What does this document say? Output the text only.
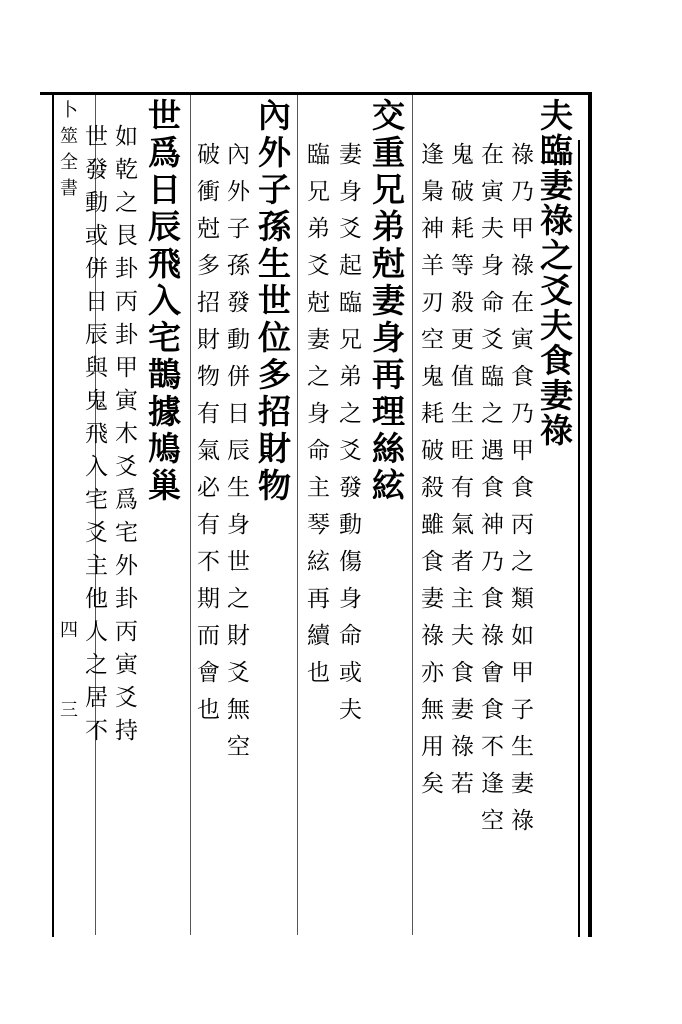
夫臨妻祿之爻夫食妻祿
祿乃甲祿在寅食乃甲食丙之類如甲子生妻祿
在寅夫身命爻臨之遇食神乃食祿㑹食不逢空
鬼破耗等殺更值生旺有氣者主夫食妻祿若
逢梟神羊刃空鬼耗破殺雖食妻祿亦無用矣
交重兄弟尅妻身再理絲絃
妻身爻起臨兄弟之爻發動傷身命或夫
臨兄弟爻尅妻之身命主琴絃再續也
內外子孫生世位多招財物
內外子孫發動併日辰生身世之財爻無空
破衝尅多招財物有氣必有不期而會也
世爲日辰飛入宅鵲據鳩巢
如乾之艮卦丙卦甲寅木爻爲宅外卦丙寅爻持
世發動或併日辰與鬼飛入宅爻主他人之居不
卜筮全書
四
三
